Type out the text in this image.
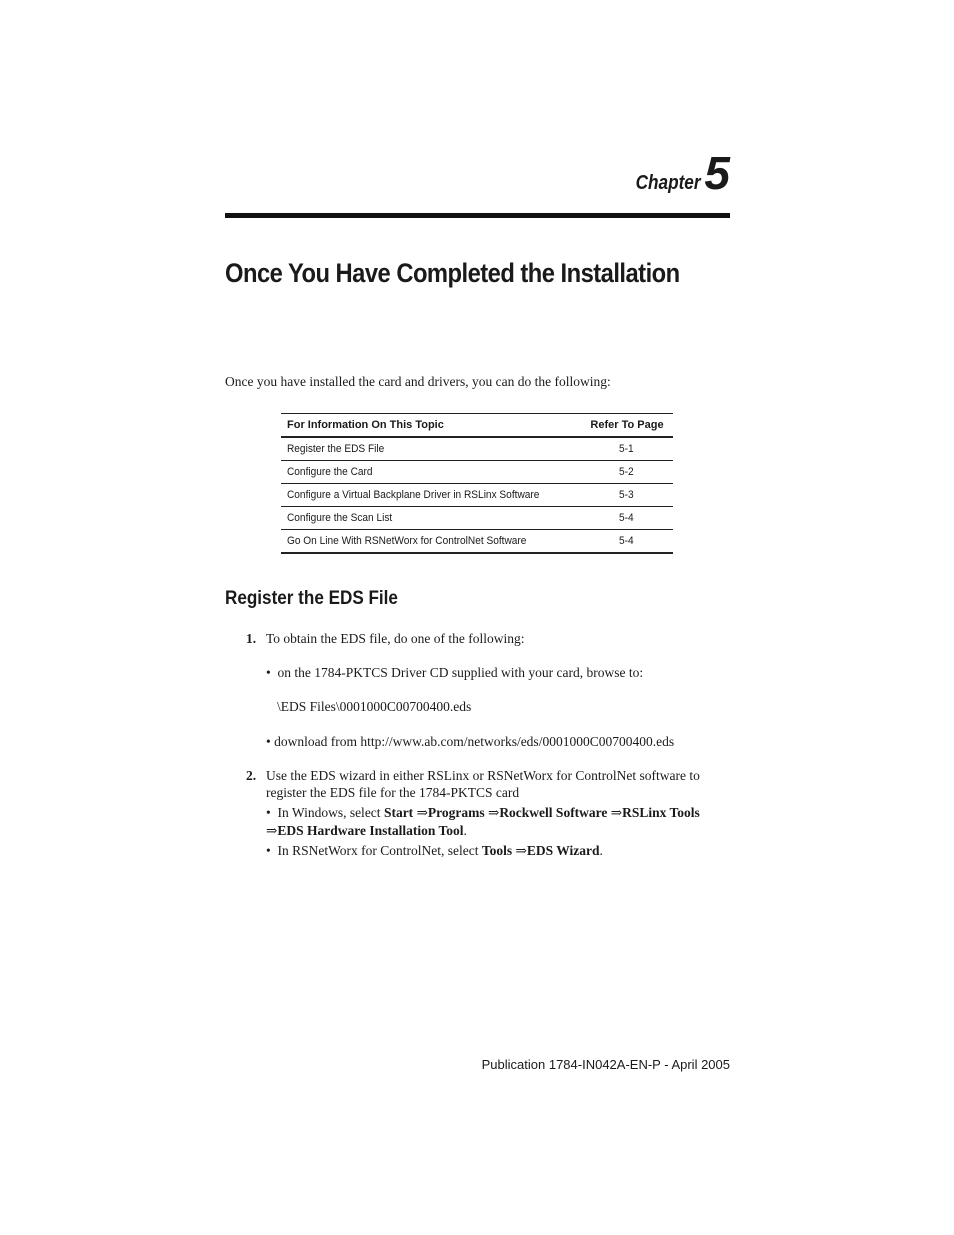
Chapter5
Once You Have Completed the Installation

Once you have installed the card and drivers, you can do the following:

For Information On This Topic	Refer To Page
Register the EDS File	5-1
Configure the Card	5-2
Configure a Virtual Backplane Driver in RSLinx Software	5-3
Configure the Scan List	5-4
Go On Line With RSNetWorx for ControlNet Software	5-4
Register the EDS File

1. To obtain the EDS file, do one of the following:

• on the 1784-PKTCS Driver CD supplied with your card, browse to:

\EDS Files\0001000C00700400.eds

• download from http://www.ab.com/networks/eds/0001000C00700400.eds

2. Use the EDS wizard in either RSLinx or RSNetWorx for ControlNet software to

register the EDS file for the 1784-PKTCS card

• In Windows, select Start ⇒Programs ⇒Rockwell Software ⇒RSLinx Tools

⇒EDS Hardware Installation Tool.

• In RSNetWorx for ControlNet, select Tools ⇒EDS Wizard.

Publication 1784-IN042A-EN-P - April 2005
